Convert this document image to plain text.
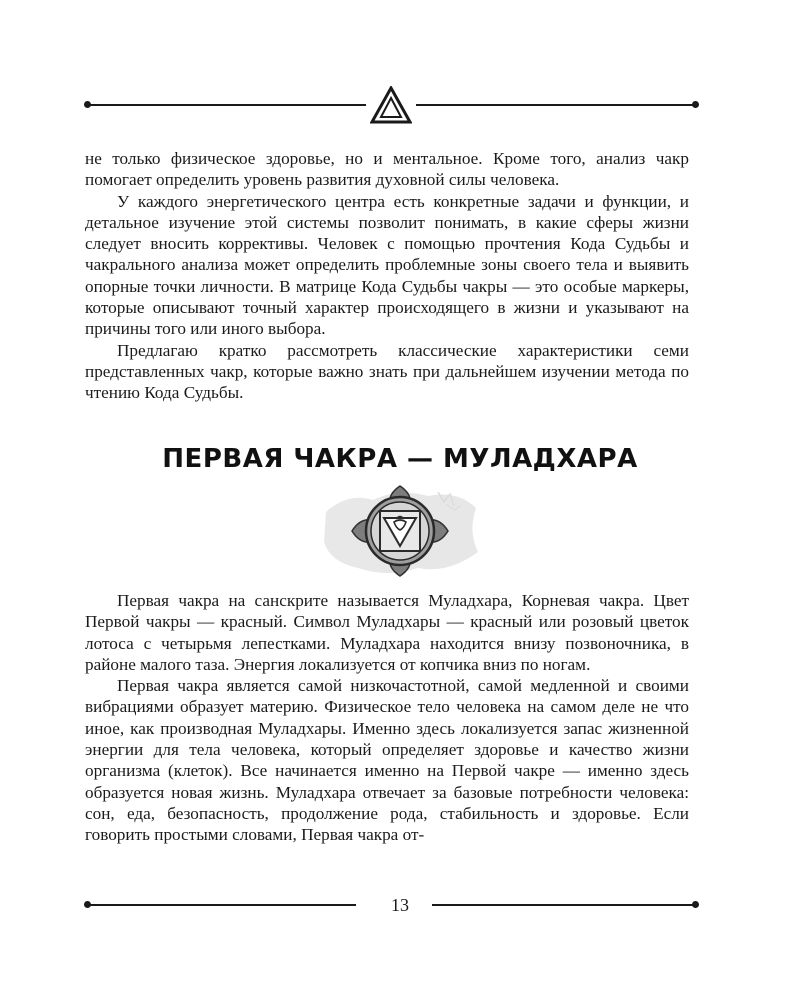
не только физическое здоровье, но и ментальное. Кроме того, анализ чакр помогает определить уровень развития духовной силы человека.

У каждого энергетического центра есть конкретные задачи и функции, и детальное изучение этой системы позволит понимать, в какие сферы жизни следует вносить коррективы. Человек с помощью прочтения Кода Судьбы и чакрального анализа может определить проблемные зоны своего тела и выявить опорные точки личности. В матрице Кода Судьбы чакры — это особые маркеры, которые описывают точный характер происходящего в жизни и указывают на причины того или иного выбора.

Предлагаю кратко рассмотреть классические характеристики семи представленных чакр, которые важно знать при дальнейшем изучении метода по чтению Кода Судьбы.

ПЕРВАЯ ЧАКРА — МУЛАДХАРА

Первая чакра на санскрите называется Муладхара, Корневая чакра. Цвет Первой чакры — красный. Символ Муладхары — красный или розовый цветок лотоса с четырьмя лепестками. Муладхара находится внизу позвоночника, в районе малого таза. Энергия локализуется от копчика вниз по ногам.

Первая чакра является самой низкочастотной, самой медленной и своими вибрациями образует материю. Физическое тело человека на самом деле не что иное, как производная Муладхары. Именно здесь локализуется запас жизненной энергии для тела человека, который определяет здоровье и качество жизни организма (клеток). Все начинается именно на Первой чакре — именно здесь образуется новая жизнь. Муладхара отвечает за базовые потребности человека: сон, еда, безопасность, продолжение рода, стабильность и здоровье. Если говорить простыми словами, Первая чакра от-

13
